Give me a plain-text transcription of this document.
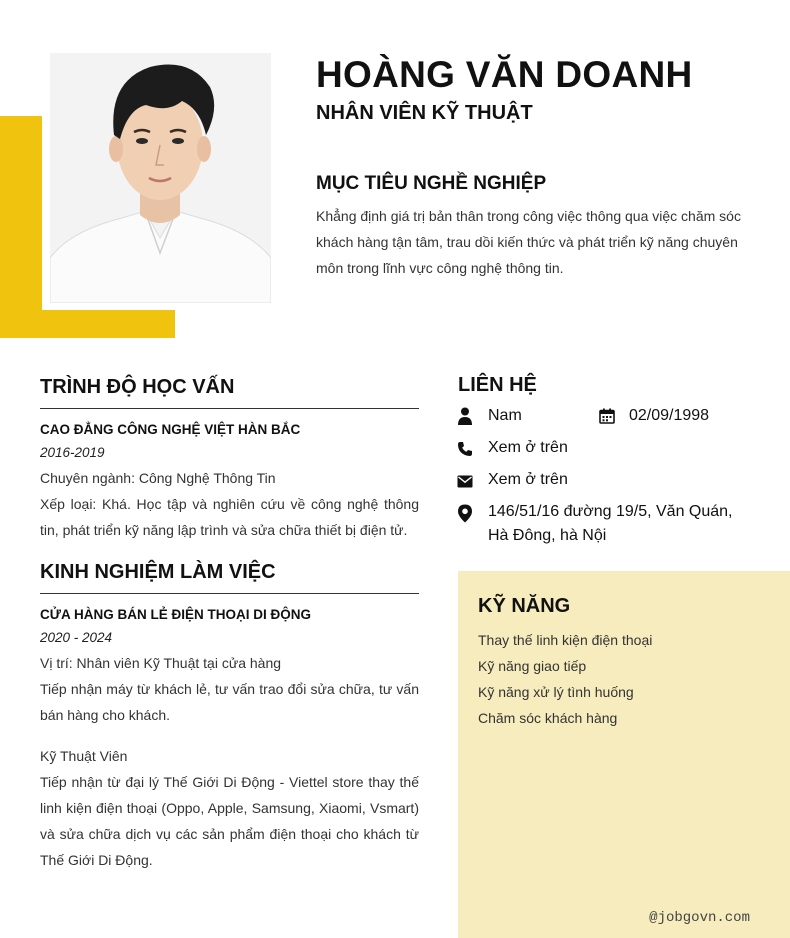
HOÀNG VĂN DOANH
NHÂN VIÊN KỸ THUẬT
MỤC TIÊU NGHỀ NGHIỆP
Khẳng định giá trị bản thân trong công việc thông qua việc chăm sóc khách hàng tận tâm, trau dồi kiến thức và phát triển kỹ năng chuyên môn trong lĩnh vực công nghệ thông tin.
TRÌNH ĐỘ HỌC VẤN
CAO ĐẲNG CÔNG NGHỆ VIỆT HÀN BẮC
2016-2019
Chuyên ngành: Công Nghệ Thông Tin
Xếp loại: Khá. Học tập và nghiên cứu về công nghệ thông tin, phát triển kỹ năng lập trình và sửa chữa thiết bị điện tử.
KINH NGHIỆM LÀM VIỆC
CỬA HÀNG BÁN LẺ ĐIỆN THOẠI DI ĐỘNG
2020 - 2024
Vị trí: Nhân viên Kỹ Thuật tại cửa hàng
Tiếp nhận máy từ khách lẻ, tư vấn trao đổi sửa chữa, tư vấn bán hàng cho khách.
Kỹ Thuật Viên
Tiếp nhận từ đại lý Thế Giới Di Động - Viettel store thay thế linh kiện điện thoại (Oppo, Apple, Samsung, Xiaomi, Vsmart) và sửa chữa dịch vụ các sản phẩm điện thoại cho khách từ Thế Giới Di Động.
LIÊN HỆ
Nam	02/09/1998
Xem ở trên
Xem ở trên
146/51/16 đường 19/5, Văn Quán,
Hà Đông, hà Nội
KỸ NĂNG
Thay thế linh kiện điện thoại
Kỹ năng giao tiếp
Kỹ năng xử lý tình huống
Chăm sóc khách hàng
@jobgovn.com
